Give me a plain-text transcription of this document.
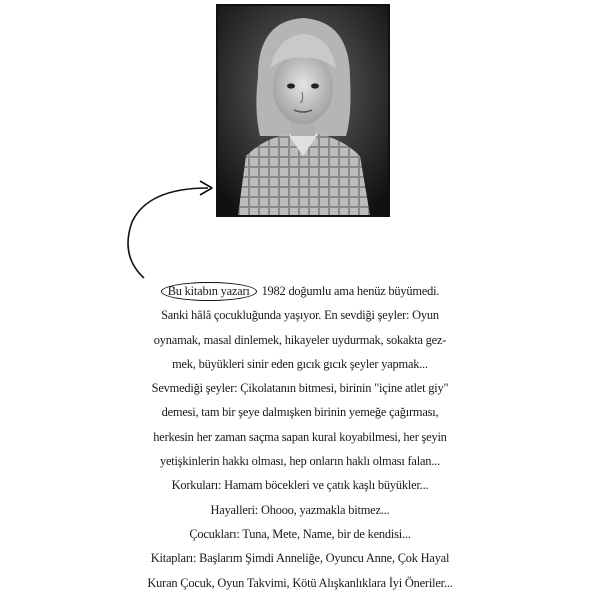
Bu kitabın yazarı 1982 doğumlu ama henüz büyümedi.
Sanki hâlâ çocukluğunda yaşıyor. En sevdiği şeyler: Oyun
oynamak, masal dinlemek, hikayeler uydurmak, sokakta gez-
mek, büyükleri sinir eden gıcık gıcık şeyler yapmak...
Sevmediği şeyler: Çikolatanın bitmesi, birinin "içine atlet giy"
demesi, tam bir şeye dalmışken birinin yemeğe çağırması,
herkesin her zaman saçma sapan kural koyabilmesi, her şeyin
yetişkinlerin hakkı olması, hep onların haklı olması falan...
Korkuları: Hamam böcekleri ve çatık kaşlı büyükler...
Hayalleri: Ohooo, yazmakla bitmez...
Çocukları: Tuna, Mete, Name, bir de kendisi...
Kitapları: Başlarım Şimdi Anneliğe, Oyuncu Anne, Çok Hayal
Kuran Çocuk, Oyun Takvimi, Kötü Alışkanlıklara İyi Öneriler...
